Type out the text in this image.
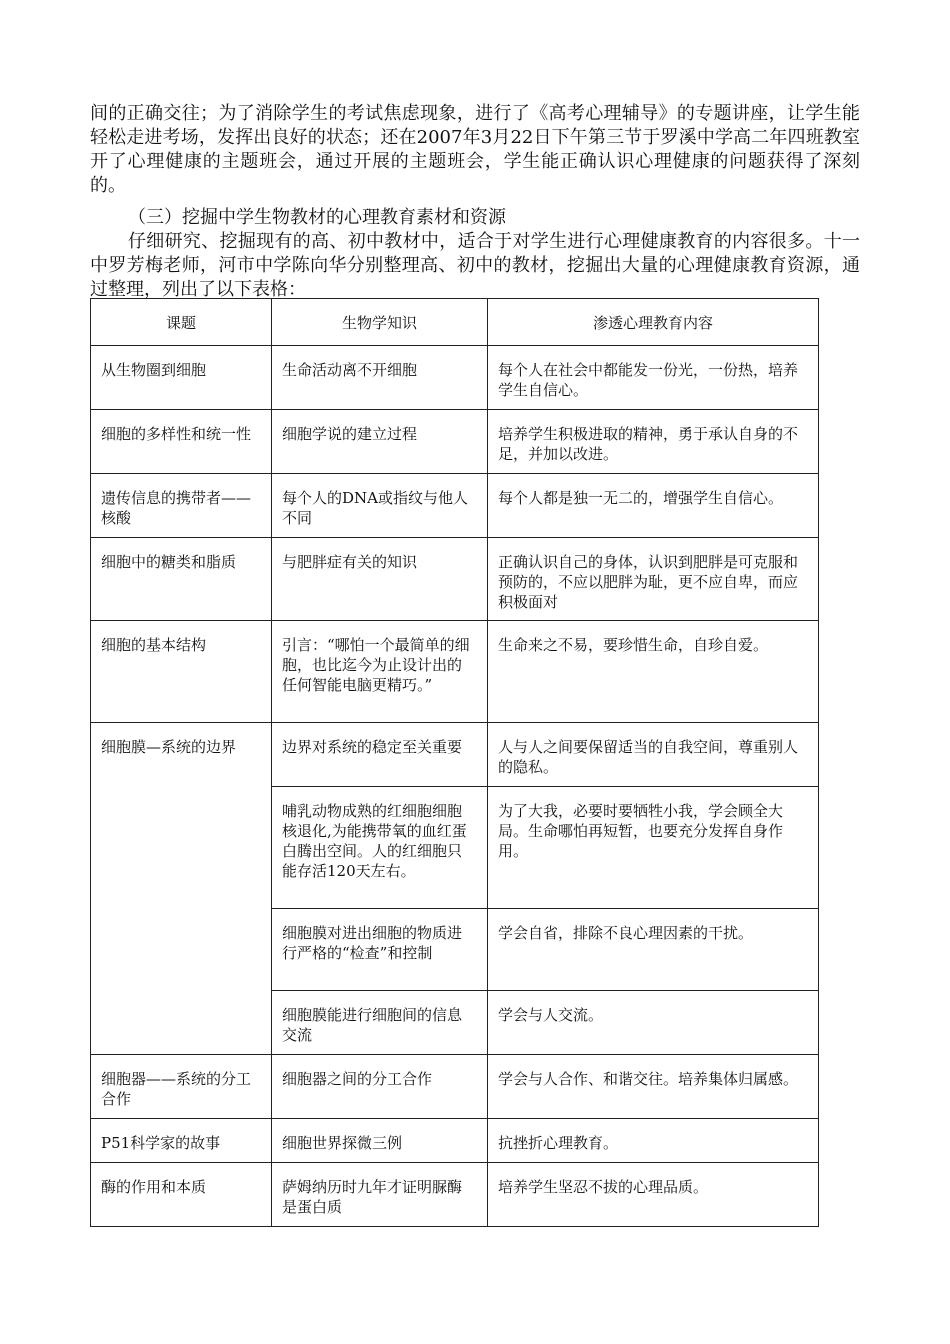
间的正确交往；为了消除学生的考试焦虑现象，进行了《高考心理辅导》的专题讲座，让学生能轻松走进考场，发挥出良好的状态；还在2007年3月22日下午第三节于罗溪中学高二年四班教室开了心理健康的主题班会，通过开展的主题班会，学生能正确认识心理健康的问题获得了深刻的。
（三）挖掘中学生物教材的心理教育素材和资源
仔细研究、挖掘现有的高、初中教材中，适合于对学生进行心理健康教育的内容很多。十一中罗芳梅老师，河市中学陈向华分别整理高、初中的教材，挖掘出大量的心理健康教育资源，通过整理，列出了以下表格：
课题	生物学知识	渗透心理教育内容
从生物圈到细胞	生命活动离不开细胞	每个人在社会中都能发一份光，一份热，培养学生自信心。
细胞的多样性和统一性	细胞学说的建立过程	培养学生积极进取的精神，勇于承认自身的不足，并加以改进。
遗传信息的携带者——核酸	每个人的DNA或指纹与他人不同	每个人都是独一无二的，增强学生自信心。
细胞中的糖类和脂质	与肥胖症有关的知识	正确认识自己的身体，认识到肥胖是可克服和预防的，不应以肥胖为耻，更不应自卑，而应积极面对
细胞的基本结构	引言：“哪怕一个最简单的细胞，也比迄今为止设计出的任何智能电脑更精巧。”	生命来之不易，要珍惜生命，自珍自爱。
细胞膜—系统的边界	边界对系统的稳定至关重要	人与人之间要保留适当的自我空间，尊重别人的隐私。
	哺乳动物成熟的红细胞细胞核退化,为能携带氧的血红蛋白腾出空间。人的红细胞只能存活120天左右。	为了大我，必要时要牺牲小我，学会顾全大局。生命哪怕再短暂，也要充分发挥自身作用。
	细胞膜对进出细胞的物质进行严格的“检查”和控制	学会自省，排除不良心理因素的干扰。
	细胞膜能进行细胞间的信息交流	学会与人交流。
细胞器——系统的分工合作	细胞器之间的分工合作	学会与人合作、和谐交往。培养集体归属感。
P51科学家的故事	细胞世界探微三例	抗挫折心理教育。
酶的作用和本质	萨姆纳历时九年才证明脲酶是蛋白质	培养学生坚忍不拔的心理品质。
